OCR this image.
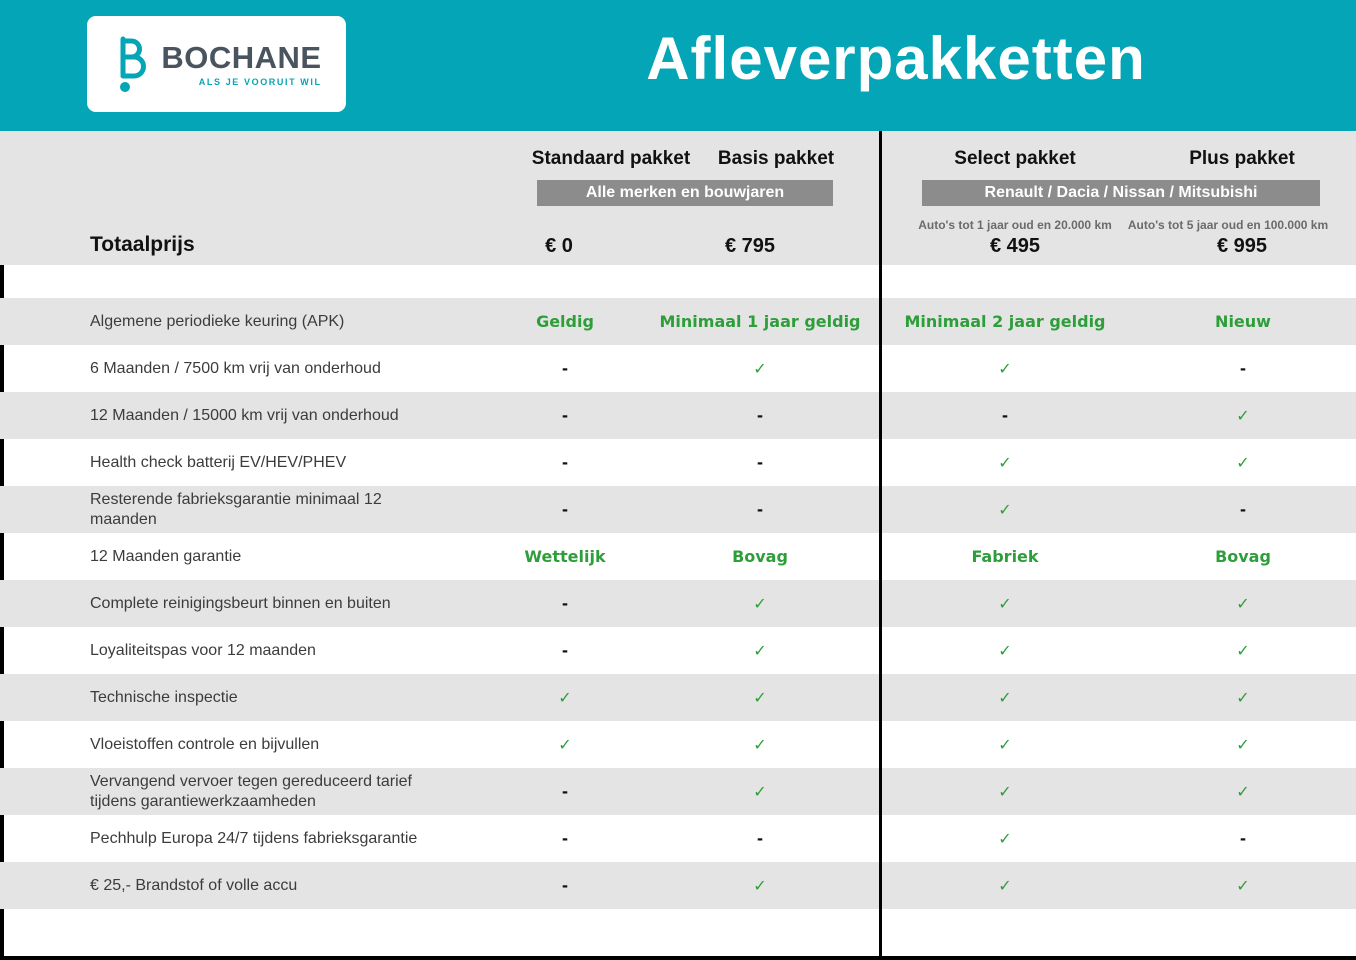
BOCHANE
ALS JE VOORUIT WIL	Afleverpakketten
Standaard pakket Basis pakket	Select pakket	Plus pakket
Alle merken en bouwjaren	Renault / Dacia / Nissan / Mitsubishi
Auto's tot 1 jaar oud en 20.000 km Auto's tot 5 jaar oud en 100.000 km
Totaalprijs	€ 0	€ 795	€ 495	€ 995
Algemene periodieke keuring (APK)	Geldig	Minimaal 1 jaar geldig	Minimaal 2 jaar geldig	Nieuw
6 Maanden / 7500 km vrij van onderhoud	-	✓	✓	-
12 Maanden / 15000 km vrij van onderhoud	-	-	-	✓
Health check batterij EV/HEV/PHEV	-	-	✓	✓
Resterende fabrieksgarantie minimaal 12 maanden	-	-	✓	-
12 Maanden garantie	Wettelijk	Bovag	Fabriek	Bovag
Complete reinigingsbeurt binnen en buiten	-	✓	✓	✓
Loyaliteitspas voor 12 maanden	-	✓	✓	✓
Technische inspectie	✓	✓	✓	✓
Vloeistoffen controle en bijvullen	✓	✓	✓	✓
Vervangend vervoer tegen gereduceerd tarief tijdens garantiewerkzaamheden	-	✓	✓	✓
Pechhulp Europa 24/7 tijdens fabrieksgarantie	-	-	✓	-
€ 25,- Brandstof of volle accu	-	✓	✓	✓
